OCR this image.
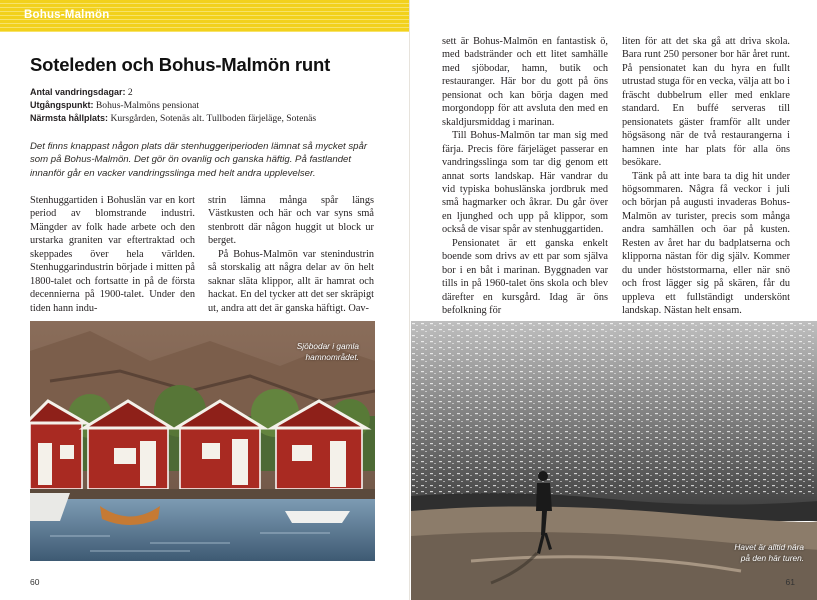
Bohus-Malmön
Soteleden och Bohus-Malmön runt
Antal vandringsdagar: 2
Utgångspunkt: Bohus-Malmöns pensionat
Närmsta hållplats: Kursgården, Sotenäs alt. Tullboden färjeläge, Sotenäs

Det finns knappast någon plats där stenhuggeriperioden lämnat så mycket spår som på Bohus-Malmön. Det gör ön ovanlig och ganska häftig. På fastlandet innanför går en vacker vandringsslinga med helt andra upplevelser.

Stenhuggartiden i Bohuslän var en kort period av blomstrande industri. Mängder av folk hade arbete och den urstarka graniten var eftertraktad och skeppades över hela världen. Stenhuggarindustrin började i mitten på 1800-talet och fortsatte in på de första decennierna på 1900-talet. Under den tiden hann indu-

strin lämna många spår längs Västkusten och här och var syns små stenbrott där någon huggit ut block ur berget.

På Bohus-Malmön var stenindustrin så storskalig att några delar av ön helt saknar släta klippor, allt är hamrat och hackat. En del tycker att det ser skräpigt ut, andra att det är ganska häftigt. Oav-

Sjöbodar i gamla
hamnområdet.
60

sett är Bohus-Malmön en fantastisk ö, med badstränder och ett litet samhälle med sjöbodar, hamn, butik och restauranger. Här bor du gott på öns pensionat och kan börja dagen med morgondopp för att avsluta den med en skaldjursmiddag i marinan.

Till Bohus-Malmön tar man sig med färja. Precis före färjeläget passerar en vandringsslinga som tar dig genom ett annat sorts landskap. Här vandrar du vid typiska bohuslänska jordbruk med små hagmarker och åkrar. Du går över en ljunghed och upp på klippor, som också de visar spår av stenhuggartiden.

Pensionatet är ett ganska enkelt boende som drivs av ett par som själva bor i en båt i marinan. Byggnaden var tills in på 1960-talet öns skola och blev därefter en kursgård. Idag är öns befolkning för

liten för att det ska gå att driva skola. Bara runt 250 personer bor här året runt. På pensionatet kan du hyra en fullt utrustad stuga för en vecka, välja att bo i fräscht dubbelrum eller med enklare standard. En buffé serveras till pensionatets gäster framför allt under högsäsong när de två restaurangerna i hamnen inte har plats för alla öns besökare.

Tänk på att inte bara ta dig hit under högsommaren. Några få veckor i juli och början på augusti invaderas Bohus-Malmön av turister, precis som många andra samhällen och öar på kusten. Resten av året har du badplatserna och klipporna nästan för dig själv. Kommer du under höststormarna, eller när snö och frost lägger sig på skären, får du uppleva ett fullständigt underskönt landskap. Nästan helt ensam.

Havet är alltid nära
på den här turen.
61
